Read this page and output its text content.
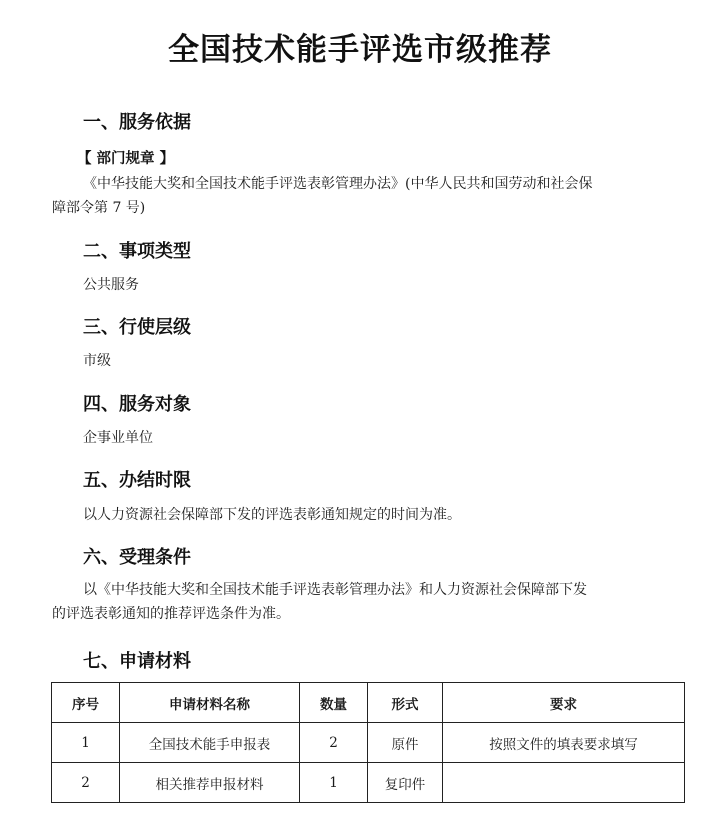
全国技术能手评选市级推荐
一、服务依据
【 部门规章 】
《中华技能大奖和全国技术能手评选表彰管理办法》(中华人民共和国劳动和社会保
障部令第 7 号)
二、事项类型
公共服务
三、行使层级
市级
四、服务对象
企事业单位
五、办结时限
以人力资源社会保障部下发的评选表彰通知规定的时间为准。
六、受理条件
以《中华技能大奖和全国技术能手评选表彰管理办法》和人力资源社会保障部下发
的评选表彰通知的推荐评选条件为准。
七、申请材料
序号	申请材料名称	数量	形式	要求
1	全国技术能手申报表	2	原件	按照文件的填表要求填写
2	相关推荐申报材料	1	复印件	
